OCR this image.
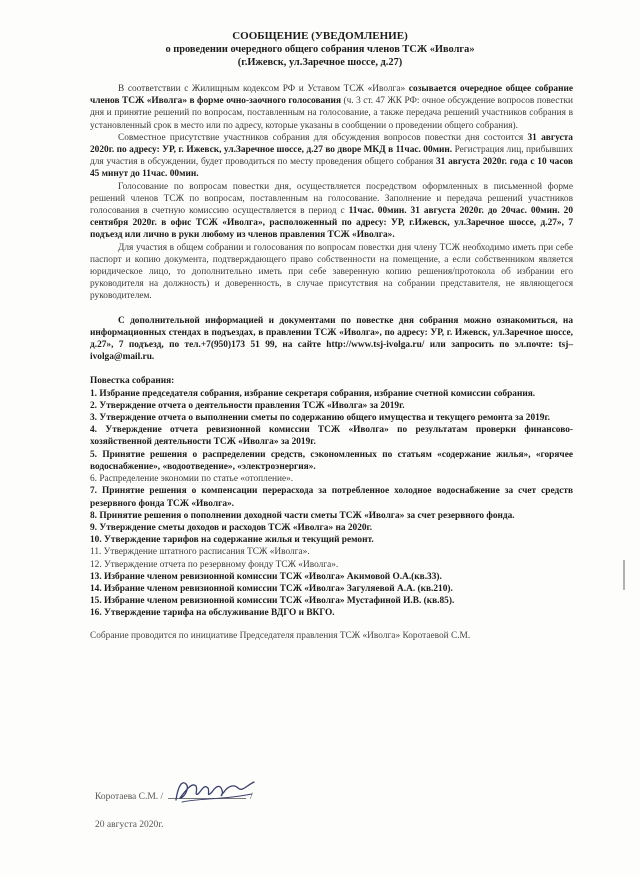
СООБЩЕНИЕ (УВЕДОМЛЕНИЕ)
о проведении очередного общего собрания членов ТСЖ «Иволга»
(г.Ижевск, ул.Заречное шоссе, д.27)

В соответствии с Жилищным кодексом РФ и Уставом ТСЖ «Иволга» созывается очередное общее собрание членов ТСЖ «Иволга» в форме очно-заочного голосования (ч. 3 ст. 47 ЖК РФ: очное обсуждение вопросов повестки дня и принятие решений по вопросам, поставленным на голосование, а также передача решений участников собрания в установленный срок в место или по адресу, которые указаны в сообщении о проведении общего собрания).

Совместное присутствие участников собрания для обсуждения вопросов повестки дня состоится 31 августа 2020г. по адресу: УР, г. Ижевск, ул.Заречное шоссе, д.27 во дворе МКД в 11час. 00мин. Регистрация лиц, прибывших для участия в обсуждении, будет проводиться по месту проведения общего собрания 31 августа 2020г. года с 10 часов 45 минут до 11час. 00мин.

Голосование по вопросам повестки дня, осуществляется посредством оформленных в письменной форме решений членов ТСЖ по вопросам, поставленным на голосование. Заполнение и передача решений участников голосования в счетную комиссию осуществляется в период с 11час. 00мин. 31 августа 2020г. до 20час. 00мин. 20 сентября 2020г. в офис ТСЖ «Иволга», расположенный по адресу: УР, г.Ижевск, ул.Заречное шоссе, д.27», 7 подъезд или лично в руки любому из членов правления ТСЖ «Иволга».

Для участия в общем собрании и голосования по вопросам повестки дня члену ТСЖ необходимо иметь при себе паспорт и копию документа, подтверждающего право собственности на помещение, а если собственником является юридическое лицо, то дополнительно иметь при себе заверенную копию решения/протокола об избрании его руководителя на должность) и доверенность, в случае присутствия на собрании представителя, не являющегося руководителем.

С дополнительной информацией и документами по повестке дня собрания можно ознакомиться, на информационных стендах в подъездах, в правлении ТСЖ «Иволга», по адресу: УР, г. Ижевск, ул.Заречное шоссе, д.27», 7 подъезд, по тел.+7(950)173 51 99, на сайте http://www.tsj-ivolga.ru/ или запросить по эл.почте: tsj–ivolga@mail.ru.

Повестка собрания:

1. Избрание председателя собрания, избрание секретаря собрания, избрание счетной комиссии собрания.

2. Утверждение отчета о деятельности правления ТСЖ «Иволга» за 2019г.

3. Утверждение отчета о выполнении сметы по содержанию общего имущества и текущего ремонта за 2019г.

4. Утверждение отчета ревизионной комиссии ТСЖ «Иволга» по результатам проверки финансово-хозяйственной деятельности ТСЖ «Иволга» за 2019г.

5. Принятие решения о распределении средств, сэкономленных по статьям «содержание жилья», «горячее водоснабжение», «водоотведение», «электроэнергия».

6. Распределение экономии по статье «отопление».

7. Принятие решения о компенсации перерасхода за потребленное холодное водоснабжение за счет средств резервного фонда ТСЖ «Иволга».

8. Принятие решения о пополнении доходной части сметы ТСЖ «Иволга» за счет резервного фонда.

9. Утверждение сметы доходов и расходов ТСЖ «Иволга» на 2020г.

10. Утверждение тарифов на содержание жилья и текущий ремонт.

11. Утверждение штатного расписания ТСЖ «Иволга».

12. Утверждение отчета по резервному фонду ТСЖ «Иволга».

13. Избрание членом ревизионной комиссии ТСЖ «Иволга» Акимовой О.А.(кв.33).

14. Избрание членом ревизионной комиссии ТСЖ «Иволга» Загуляевой А.А. (кв.210).

15. Избрание членом ревизионной комиссии ТСЖ «Иволга» Мустафиной И.В. (кв.85).

16. Утверждение тарифа на обслуживание ВДГО и ВКГО.

Собрание проводится по инициативе Председателя правления ТСЖ «Иволга» Коротаевой С.М.

Коротаева С.М. /	/
20 августа 2020г.
